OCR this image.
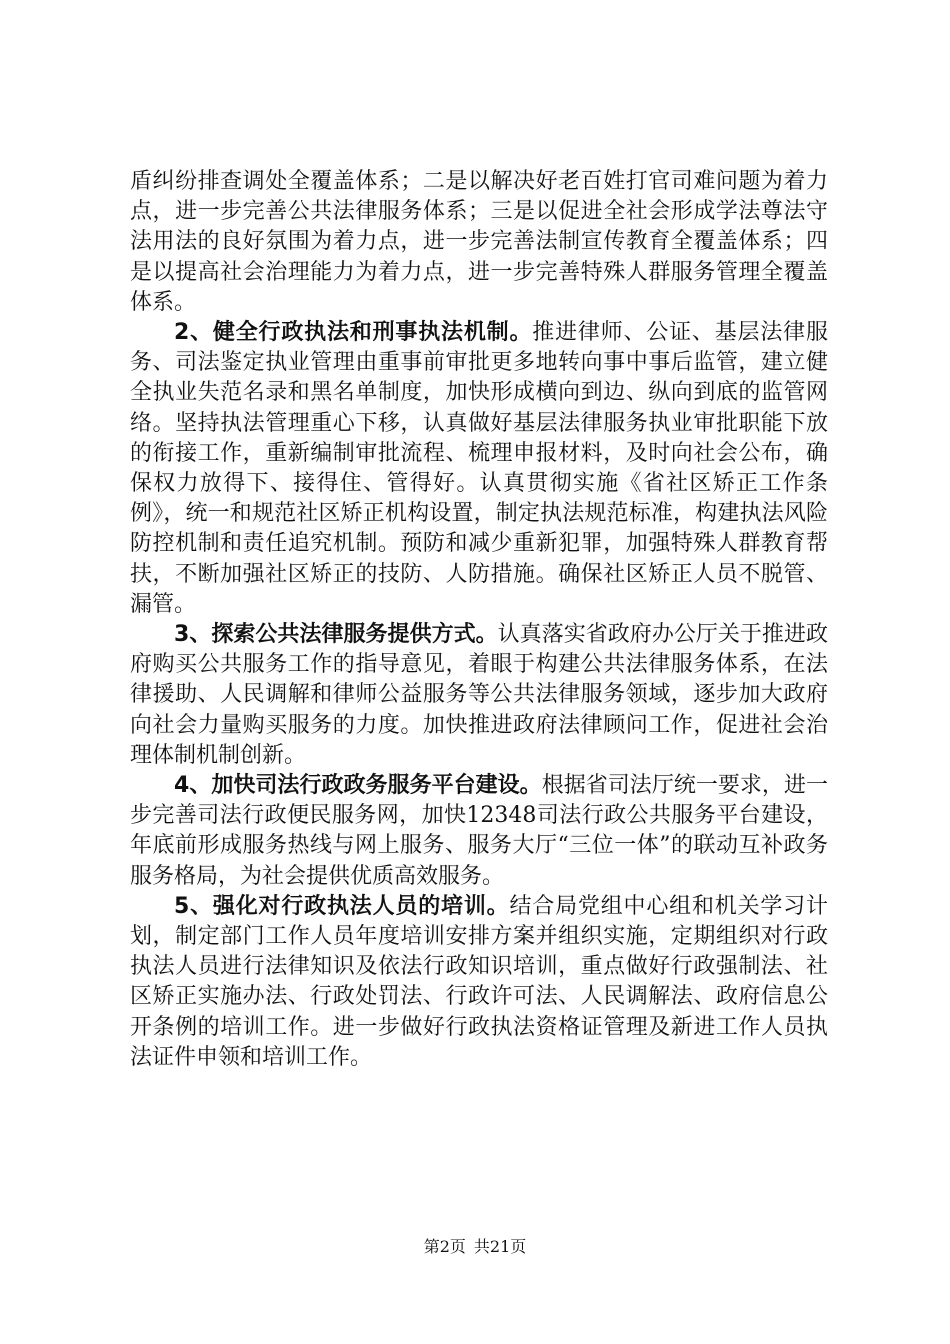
盾纠纷排查调处全覆盖体系；二是以解决好老百姓打官司难问题为着力点，进一步完善公共法律服务体系；三是以促进全社会形成学法尊法守法用法的良好氛围为着力点，进一步完善法制宣传教育全覆盖体系；四是以提高社会治理能力为着力点，进一步完善特殊人群服务管理全覆盖体系。

2、健全行政执法和刑事执法机制。推进律师、公证、基层法律服务、司法鉴定执业管理由重事前审批更多地转向事中事后监管，建立健全执业失范名录和黑名单制度，加快形成横向到边、纵向到底的监管网络。坚持执法管理重心下移，认真做好基层法律服务执业审批职能下放的衔接工作，重新编制审批流程、梳理申报材料，及时向社会公布，确保权力放得下、接得住、管得好。认真贯彻实施《省社区矫正工作条例》，统一和规范社区矫正机构设置，制定执法规范标准，构建执法风险防控机制和责任追究机制。预防和减少重新犯罪，加强特殊人群教育帮扶，不断加强社区矫正的技防、人防措施。确保社区矫正人员不脱管、漏管。

3、探索公共法律服务提供方式。认真落实省政府办公厅关于推进政府购买公共服务工作的指导意见，着眼于构建公共法律服务体系，在法律援助、人民调解和律师公益服务等公共法律服务领域，逐步加大政府向社会力量购买服务的力度。加快推进政府法律顾问工作，促进社会治理体制机制创新。

4、加快司法行政政务服务平台建设。根据省司法厅统一要求，进一步完善司法行政便民服务网，加快12348司法行政公共服务平台建设，年底前形成服务热线与网上服务、服务大厅“三位一体”的联动互补政务服务格局，为社会提供优质高效服务。

5、强化对行政执法人员的培训。结合局党组中心组和机关学习计划，制定部门工作人员年度培训安排方案并组织实施，定期组织对行政执法人员进行法律知识及依法行政知识培训，重点做好行政强制法、社区矫正实施办法、行政处罚法、行政许可法、人民调解法、政府信息公开条例的培训工作。进一步做好行政执法资格证管理及新进工作人员执法证件申领和培训工作。

第2页 共21页
